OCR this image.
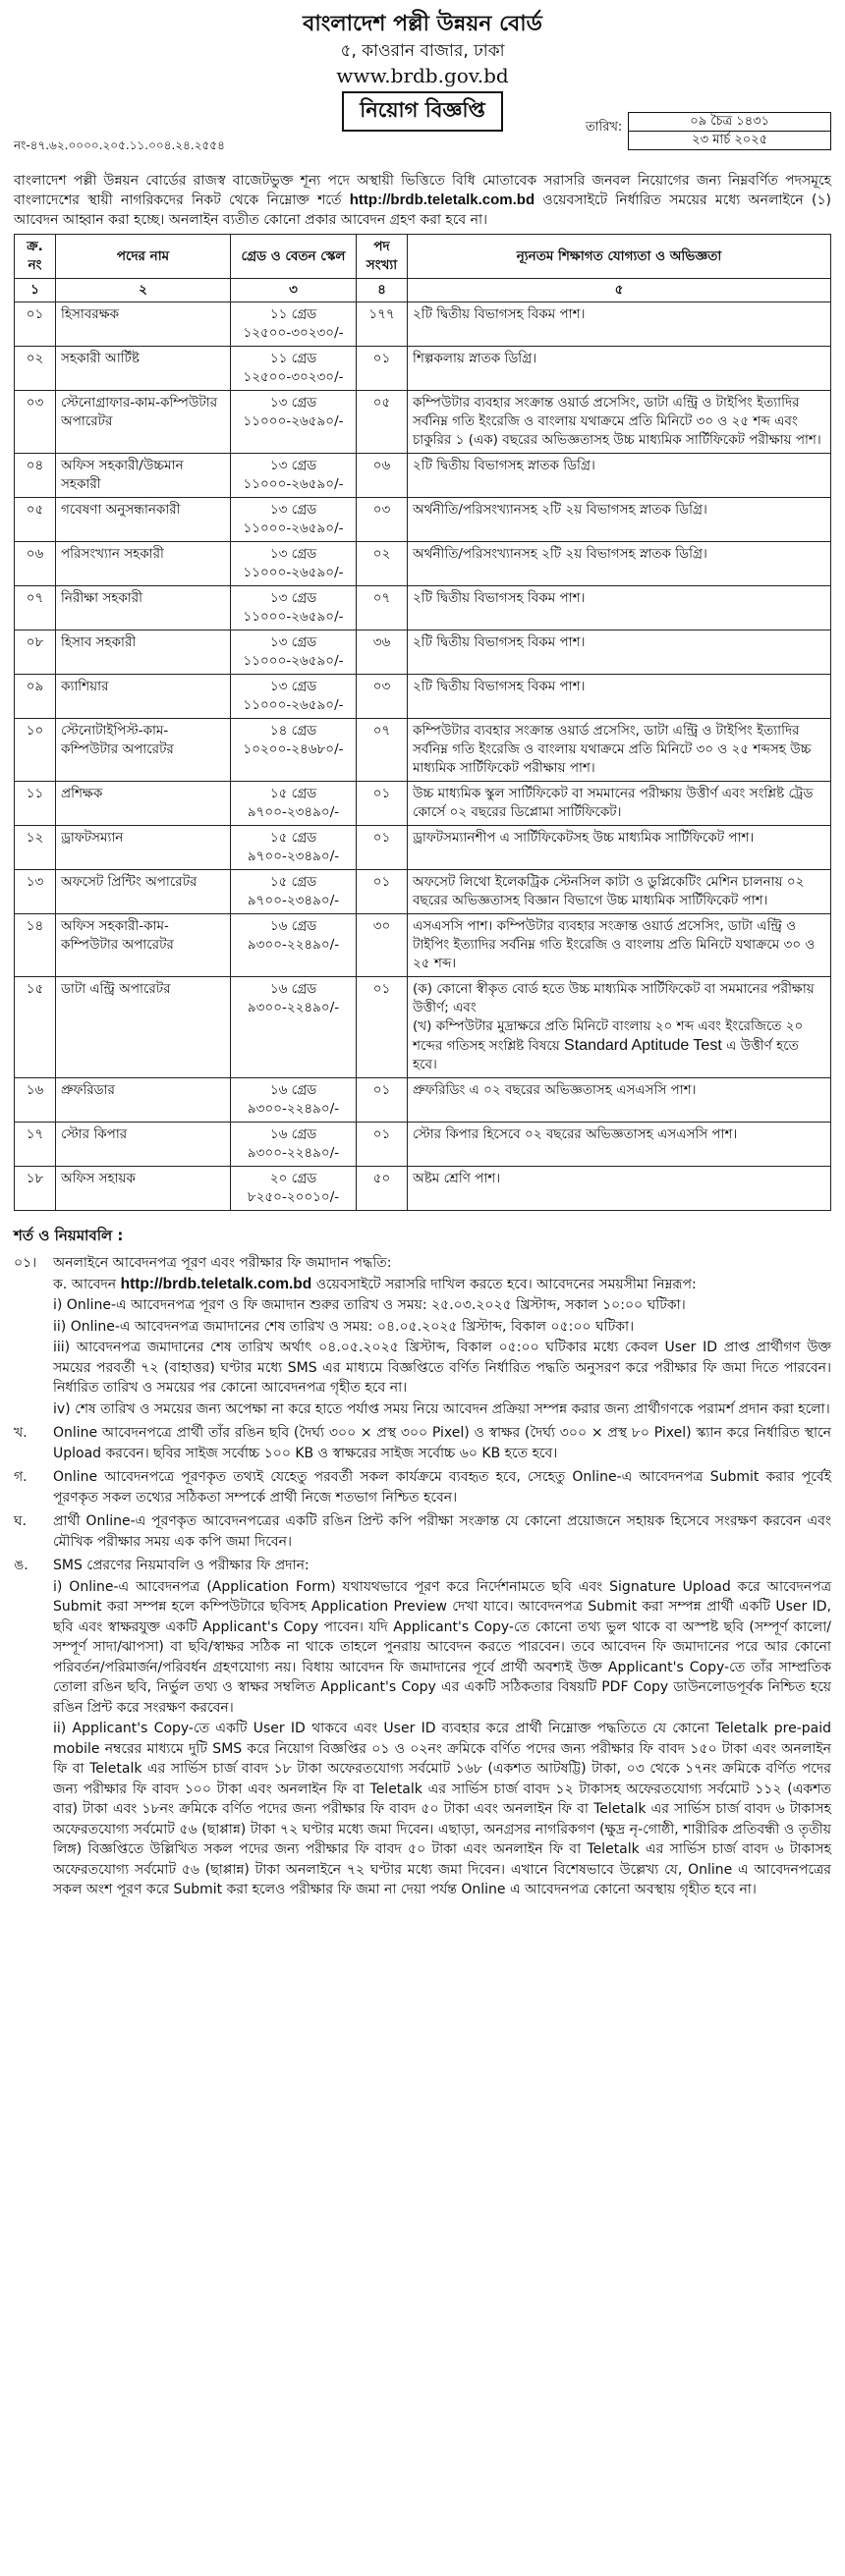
বাংলাদেশ পল্লী উন্নয়ন বোর্ড
৫, কাওরান বাজার, ঢাকা
www.brdb.gov.bd
নিয়োগ বিজ্ঞপ্তি
তারিখ:	০৯ চৈত্র ১৪৩১
২৩ মার্চ ২০২৫
নং-৪৭.৬২.০০০০.২০৫.১১.০০৪.২৪.২৫৫৪
বাংলাদেশ পল্লী উন্নয়ন বোর্ডের রাজস্ব বাজেটভুক্ত শূন্য পদে অস্থায়ী ভিত্তিতে বিধি মোতাবেক সরাসরি জনবল নিয়োগের জন্য নিম্নবর্ণিত পদসমূহে বাংলাদেশের স্থায়ী নাগরিকদের নিকট থেকে নিম্নোক্ত শর্তে http://brdb.teletalk.com.bd ওয়েবসাইটে নির্ধারিত সময়ের মধ্যে অনলাইনে (১) আবেদন আহ্বান করা হচ্ছে। অনলাইন ব্যতীত কোনো প্রকার আবেদন গ্রহণ করা হবে না।
ক্র. নং	পদের নাম	গ্রেড ও বেতন স্কেল	পদ সংখ্যা	ন্যূনতম শিক্ষাগত যোগ্যতা ও অভিজ্ঞতা
১	২	৩	৪	৫
০১	হিসাবরক্ষক	১১ গ্রেড ১২৫০০-৩০২৩০/-	১৭৭	২টি দ্বিতীয় বিভাগসহ বিকম পাশ।
০২	সহকারী আর্টিষ্ট	১১ গ্রেড ১২৫০০-৩০২৩০/-	০১	শিল্পকলায় স্নাতক ডিগ্রি।
০৩	স্টেনোগ্রাফার-কাম-কম্পিউটার অপারেটর	১৩ গ্রেড ১১০০০-২৬৫৯০/-	০৫	কম্পিউটার ব্যবহার সংক্রান্ত ওয়ার্ড প্রসেসিং, ডাটা এন্ট্রি ও টাইপিং ইত্যাদির সর্বনিম্ন গতি ইংরেজি ও বাংলায় যথাক্রমে প্রতি মিনিটে ৩০ ও ২৫ শব্দ এবং চাকুরির ১ (এক) বছরের অভিজ্ঞতাসহ উচ্চ মাধ্যমিক সার্টিফিকেট পরীক্ষায় পাশ।
০৪	অফিস সহকারী/উচ্চমান সহকারী	১৩ গ্রেড ১১০০০-২৬৫৯০/-	০৬	২টি দ্বিতীয় বিভাগসহ স্নাতক ডিগ্রি।
০৫	গবেষণা অনুসন্ধানকারী	১৩ গ্রেড ১১০০০-২৬৫৯০/-	০৩	অর্থনীতি/পরিসংখ্যানসহ ২টি ২য় বিভাগসহ স্নাতক ডিগ্রি।
০৬	পরিসংখ্যান সহকারী	১৩ গ্রেড ১১০০০-২৬৫৯০/-	০২	অর্থনীতি/পরিসংখ্যানসহ ২টি ২য় বিভাগসহ স্নাতক ডিগ্রি।
০৭	নিরীক্ষা সহকারী	১৩ গ্রেড ১১০০০-২৬৫৯০/-	০৭	২টি দ্বিতীয় বিভাগসহ বিকম পাশ।
০৮	হিসাব সহকারী	১৩ গ্রেড ১১০০০-২৬৫৯০/-	৩৬	২টি দ্বিতীয় বিভাগসহ বিকম পাশ।
০৯	ক্যাশিয়ার	১৩ গ্রেড ১১০০০-২৬৫৯০/-	০৩	২টি দ্বিতীয় বিভাগসহ বিকম পাশ।
১০	স্টেনোটাইপিস্ট-কাম-কম্পিউটার অপারেটর	১৪ গ্রেড ১০২০০-২৪৬৮০/-	০৭	কম্পিউটার ব্যবহার সংক্রান্ত ওয়ার্ড প্রসেসিং, ডাটা এন্ট্রি ও টাইপিং ইত্যাদির সর্বনিম্ন গতি ইংরেজি ও বাংলায় যথাক্রমে প্রতি মিনিটে ৩০ ও ২৫ শব্দসহ উচ্চ মাধ্যমিক সার্টিফিকেট পরীক্ষায় পাশ।
১১	প্রশিক্ষক	১৫ গ্রেড ৯৭০০-২৩৪৯০/-	০১	উচ্চ মাধ্যমিক স্কুল সার্টিফিকেট বা সমমানের পরীক্ষায় উত্তীর্ণ এবং সংশ্লিষ্ট ট্রেড কোর্সে ০২ বছরের ডিপ্লোমা সার্টিফিকেট।
১২	ড্রাফটসম্যান	১৫ গ্রেড ৯৭০০-২৩৪৯০/-	০১	ড্রাফটসম্যানশীপ এ সার্টিফিকেটসহ উচ্চ মাধ্যমিক সার্টিফিকেট পাশ।
১৩	অফসেট প্রিন্টিং অপারেটর	১৫ গ্রেড ৯৭০০-২৩৪৯০/-	০১	অফসেট লিথো ইলেকট্রিক স্টেনসিল কাটা ও ডুপ্লিকেটিং মেশিন চালনায় ০২ বছরের অভিজ্ঞতাসহ বিজ্ঞান বিভাগে উচ্চ মাধ্যমিক সার্টিফিকেট পাশ।
১৪	অফিস সহকারী-কাম-কম্পিউটার অপারেটর	১৬ গ্রেড ৯৩০০-২২৪৯০/-	৩০	এসএসসি পাশ। কম্পিউটার ব্যবহার সংক্রান্ত ওয়ার্ড প্রসেসিং, ডাটা এন্ট্রি ও টাইপিং ইত্যাদির সর্বনিম্ন গতি ইংরেজি ও বাংলায় প্রতি মিনিটে যথাক্রমে ৩০ ও ২৫ শব্দ।
১৫	ডাটা এন্ট্রি অপারেটর	১৬ গ্রেড ৯৩০০-২২৪৯০/-	০১	(ক) কোনো স্বীকৃত বোর্ড হতে উচ্চ মাধ্যমিক সার্টিফিকেট বা সমমানের পরীক্ষায় উত্তীর্ণ; এবং
(খ) কম্পিউটার মুদ্রাক্ষরে প্রতি মিনিটে বাংলায় ২০ শব্দ এবং ইংরেজিতে ২০ শব্দের গতিসহ সংশ্লিষ্ট বিষয়ে Standard Aptitude Test এ উত্তীর্ণ হতে হবে।

১৬	প্রুফরিডার	১৬ গ্রেড ৯৩০০-২২৪৯০/-	০১	প্রুফরিডিং এ ০২ বছরের অভিজ্ঞতাসহ এসএসসি পাশ।
১৭	স্টোর কিপার	১৬ গ্রেড ৯৩০০-২২৪৯০/-	০১	স্টোর কিপার হিসেবে ০২ বছরের অভিজ্ঞতাসহ এসএসসি পাশ।
১৮	অফিস সহায়ক	২০ গ্রেড ৮২৫০-২০০১০/-	৫০	অষ্টম শ্রেণি পাশ।
শর্ত ও নিয়মাবলি :
০১।	অনলাইনে আবেদনপত্র পূরণ এবং পরীক্ষার ফি জমাদান পদ্ধতি:
ক. আবেদন http://brdb.teletalk.com.bd ওয়েবসাইটে সরাসরি দাখিল করতে হবে। আবেদনের সময়সীমা নিম্নরূপ:
i) Online-এ আবেদনপত্র পূরণ ও ফি জমাদান শুরুর তারিখ ও সময়: ২৫.০৩.২০২৫ খ্রিস্টাব্দ, সকাল ১০:০০ ঘটিকা।
ii) Online-এ আবেদনপত্র জমাদানের শেষ তারিখ ও সময়: ০৪.০৫.২০২৫ খ্রিস্টাব্দ, বিকাল ০৫:০০ ঘটিকা।
iii) আবেদনপত্র জমাদানের শেষ তারিখ অর্থাৎ ০৪.০৫.২০২৫ খ্রিস্টাব্দ, বিকাল ০৫:০০ ঘটিকার মধ্যে কেবল User ID প্রাপ্ত প্রার্থীগণ উক্ত সময়ের পরবর্তী ৭২ (বাহাত্তর) ঘণ্টার মধ্যে SMS এর মাধ্যমে বিজ্ঞপ্তিতে বর্ণিত নির্ধারিত পদ্ধতি অনুসরণ করে পরীক্ষার ফি জমা দিতে পারবেন। নির্ধারিত তারিখ ও সময়ের পর কোনো আবেদনপত্র গৃহীত হবে না।
iv) শেষ তারিখ ও সময়ের জন্য অপেক্ষা না করে হাতে পর্যাপ্ত সময় নিয়ে আবেদন প্রক্রিয়া সম্পন্ন করার জন্য প্রার্থীগণকে পরামর্শ প্রদান করা হলো।
খ.	Online আবেদনপত্রে প্রার্থী তাঁর রঙিন ছবি (দৈর্ঘ্য ৩০০ × প্রস্থ ৩০০ Pixel) ও স্বাক্ষর (দৈর্ঘ্য ৩০০ × প্রস্থ ৮০ Pixel) স্ক্যান করে নির্ধারিত স্থানে Upload করবেন। ছবির সাইজ সর্বোচ্চ ১০০ KB ও স্বাক্ষরের সাইজ সর্বোচ্চ ৬০ KB হতে হবে।
গ.	Online আবেদনপত্রে পূরণকৃত তথ্যই যেহেতু পরবর্তী সকল কার্যক্রমে ব্যবহৃত হবে, সেহেতু Online-এ আবেদনপত্র Submit করার পূর্বেই পূরণকৃত সকল তথ্যের সঠিকতা সম্পর্কে প্রার্থী নিজে শতভাগ নিশ্চিত হবেন।
ঘ.	প্রার্থী Online-এ পূরণকৃত আবেদনপত্রের একটি রঙিন প্রিন্ট কপি পরীক্ষা সংক্রান্ত যে কোনো প্রয়োজনে সহায়ক হিসেবে সংরক্ষণ করবেন এবং মৌখিক পরীক্ষার সময় এক কপি জমা দিবেন।
ঙ.	SMS প্রেরণের নিয়মাবলি ও পরীক্ষার ফি প্রদান:
i) Online-এ আবেদনপত্র (Application Form) যথাযথভাবে পূরণ করে নির্দেশনামতে ছবি এবং Signature Upload করে আবেদনপত্র Submit করা সম্পন্ন হলে কম্পিউটারে ছবিসহ Application Preview দেখা যাবে। আবেদনপত্র Submit করা সম্পন্ন প্রার্থী একটি User ID, ছবি এবং স্বাক্ষরযুক্ত একটি Applicant's Copy পাবেন। যদি Applicant's Copy-তে কোনো তথ্য ভুল থাকে বা অস্পষ্ট ছবি (সম্পূর্ণ কালো/সম্পূর্ণ সাদা/ঝাপসা) বা ছবি/স্বাক্ষর সঠিক না থাকে তাহলে পুনরায় আবেদন করতে পারবেন। তবে আবেদন ফি জমাদানের পরে আর কোনো পরিবর্তন/পরিমার্জন/পরিবর্ধন গ্রহণযোগ্য নয়। বিধায় আবেদন ফি জমাদানের পূর্বে প্রার্থী অবশ্যই উক্ত Applicant's Copy-তে তাঁর সাম্প্রতিক তোলা রঙিন ছবি, নির্ভুল তথ্য ও স্বাক্ষর সম্বলিত Applicant's Copy এর একটি সঠিকতার বিষয়টি PDF Copy ডাউনলোডপূর্বক নিশ্চিত হয়ে রঙিন প্রিন্ট করে সংরক্ষণ করবেন।
ii) Applicant's Copy-তে একটি User ID থাকবে এবং User ID ব্যবহার করে প্রার্থী নিম্নোক্ত পদ্ধতিতে যে কোনো Teletalk pre-paid mobile নম্বরের মাধ্যমে দুটি SMS করে নিয়োগ বিজ্ঞপ্তির ০১ ও ০২নং ক্রমিকে বর্ণিত পদের জন্য পরীক্ষার ফি বাবদ ১৫০ টাকা এবং অনলাইন ফি বা Teletalk এর সার্ভিস চার্জ বাবদ ১৮ টাকা অফেরতযোগ্য সর্বমোট ১৬৮ (একশত আটষট্টি) টাকা, ০৩ থেকে ১৭নং ক্রমিকে বর্ণিত পদের জন্য পরীক্ষার ফি বাবদ ১০০ টাকা এবং অনলাইন ফি বা Teletalk এর সার্ভিস চার্জ বাবদ ১২ টাকাসহ অফেরতযোগ্য সর্বমোট ১১২ (একশত বার) টাকা এবং ১৮নং ক্রমিকে বর্ণিত পদের জন্য পরীক্ষার ফি বাবদ ৫০ টাকা এবং অনলাইন ফি বা Teletalk এর সার্ভিস চার্জ বাবদ ৬ টাকাসহ অফেরতযোগ্য সর্বমোট ৫৬ (ছাপ্পান্ন) টাকা ৭২ ঘণ্টার মধ্যে জমা দিবেন। এছাড়া, অনগ্রসর নাগরিকগণ (ক্ষুদ্র নৃ-গোষ্ঠী, শারীরিক প্রতিবন্ধী ও তৃতীয় লিঙ্গ) বিজ্ঞপ্তিতে উল্লিখিত সকল পদের জন্য পরীক্ষার ফি বাবদ ৫০ টাকা এবং অনলাইন ফি বা Teletalk এর সার্ভিস চার্জ বাবদ ৬ টাকাসহ অফেরতযোগ্য সর্বমোট ৫৬ (ছাপ্পান্ন) টাকা অনলাইনে ৭২ ঘণ্টার মধ্যে জমা দিবেন। এখানে বিশেষভাবে উল্লেখ্য যে, Online এ আবেদনপত্রের সকল অংশ পূরণ করে Submit করা হলেও পরীক্ষার ফি জমা না দেয়া পর্যন্ত Online এ আবেদনপত্র কোনো অবস্থায় গৃহীত হবে না।
